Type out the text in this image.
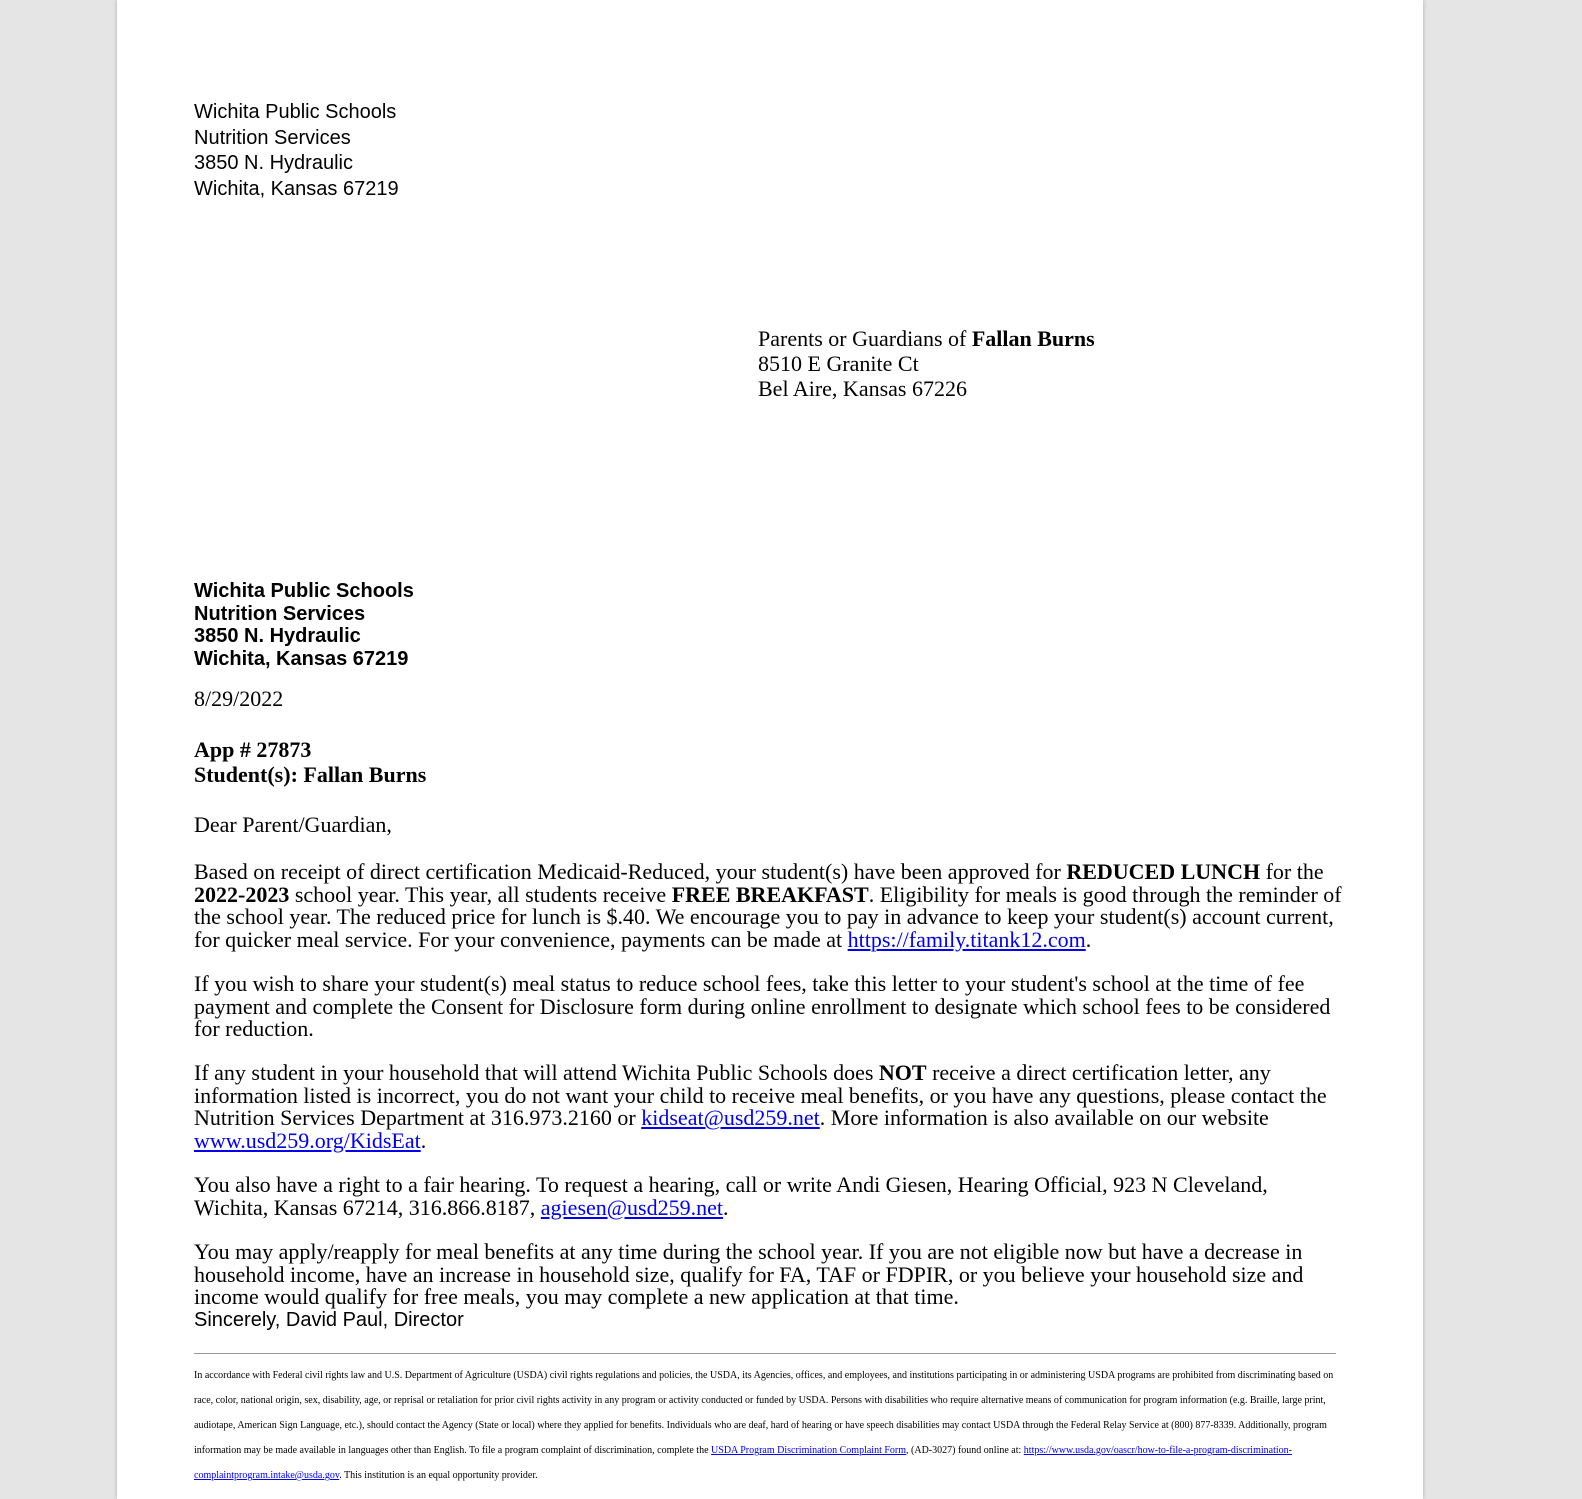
Wichita Public Schools
Nutrition Services
3850 N. Hydraulic
Wichita, Kansas 67219
Parents or Guardians of Fallan Burns
8510 E Granite Ct
Bel Aire, Kansas 67226
Wichita Public Schools
Nutrition Services
3850 N. Hydraulic
Wichita, Kansas 67219
8/29/2022
App # 27873
Student(s): Fallan Burns
Dear Parent/Guardian,

Based on receipt of direct certification Medicaid-Reduced, your student(s) have been approved for REDUCED LUNCH for the 2022-2023 school year. This year, all students receive FREE BREAKFAST. Eligibility for meals is good through the reminder of the school year. The reduced price for lunch is $.40. We encourage you to pay in advance to keep your student(s) account current, for quicker meal service. For your convenience, payments can be made at https://family.titank12.com.

If you wish to share your student(s) meal status to reduce school fees, take this letter to your student's school at the time of fee payment and complete the Consent for Disclosure form during online enrollment to designate which school fees to be considered for reduction.

If any student in your household that will attend Wichita Public Schools does NOT receive a direct certification letter, any information listed is incorrect, you do not want your child to receive meal benefits, or you have any questions, please contact the Nutrition Services Department at 316.973.2160 or kidseat@usd259.net. More information is also available on our website www.usd259.org/KidsEat.

You also have a right to a fair hearing. To request a hearing, call or write Andi Giesen, Hearing Official, 923 N Cleveland, Wichita, Kansas 67214, 316.866.8187, agiesen@usd259.net.

You may apply/reapply for meal benefits at any time during the school year. If you are not eligible now but have a decrease in household income, have an increase in household size, qualify for FA, TAF or FDPIR, or you believe your household size and income would qualify for free meals, you may complete a new application at that time.

Sincerely, David Paul, Director

In accordance with Federal civil rights law and U.S. Department of Agriculture (USDA) civil rights regulations and policies, the USDA, its Agencies, offices, and employees, and institutions participating in or administering USDA programs are prohibited from discriminating based on race, color, national origin, sex, disability, age, or reprisal or retaliation for prior civil rights activity in any program or activity conducted or funded by USDA. Persons with disabilities who require alternative means of communication for program information (e.g. Braille, large print, audiotape, American Sign Language, etc.), should contact the Agency (State or local) where they applied for benefits. Individuals who are deaf, hard of hearing or have speech disabilities may contact USDA through the Federal Relay Service at (800) 877-8339. Additionally, program information may be made available in languages other than English. To file a program complaint of discrimination, complete the USDA Program Discrimination Complaint Form, (AD-3027) found online at: https://www.usda.gov/oascr/how-to-file-a-program-discrimination-complaintprogram.intake@usda.gov. This institution is an equal opportunity provider.
